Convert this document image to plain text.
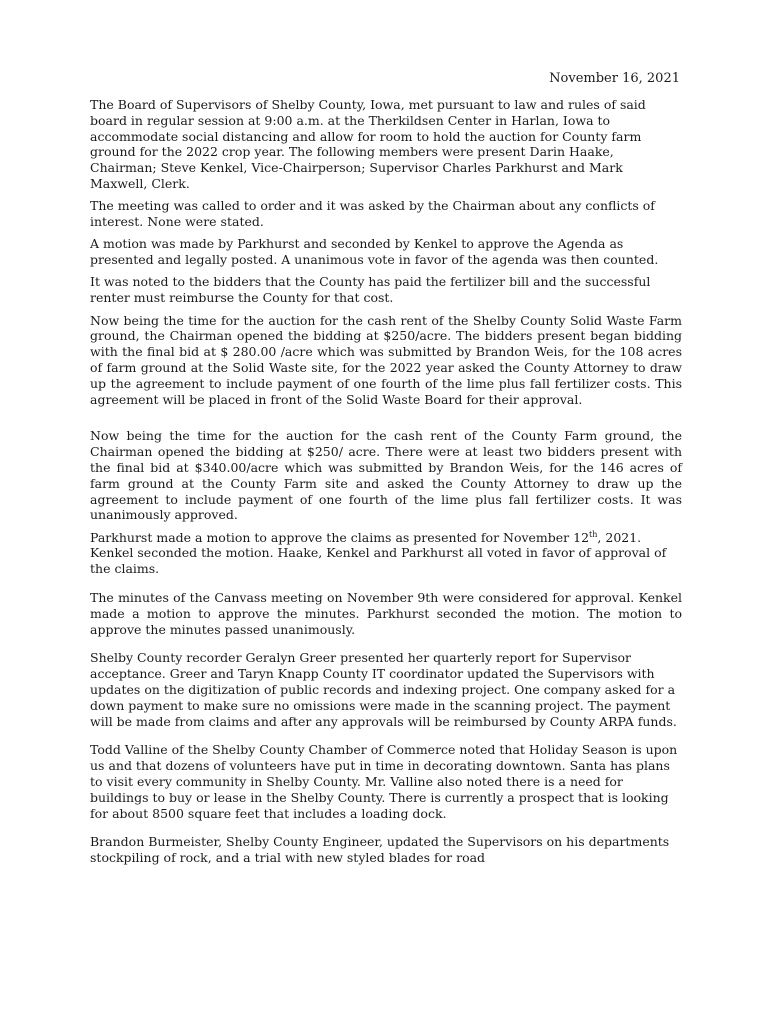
November 16, 2021

The Board of Supervisors of Shelby County, Iowa, met pursuant to law and rules of said board in regular session at 9:00 a.m. at the Therkildsen Center in Harlan, Iowa to accommodate social distancing and allow for room to hold the auction for County farm ground for the 2022 crop year. The following members were present Darin Haake, Chairman; Steve Kenkel, Vice-Chairperson; Supervisor Charles Parkhurst and Mark Maxwell, Clerk.

The meeting was called to order and it was asked by the Chairman about any conflicts of interest. None were stated.

A motion was made by Parkhurst and seconded by Kenkel to approve the Agenda as presented and legally posted. A unanimous vote in favor of the agenda was then counted.

It was noted to the bidders that the County has paid the fertilizer bill and the successful renter must reimburse the County for that cost.

Now being the time for the auction for the cash rent of the Shelby County Solid Waste Farm ground, the Chairman opened the bidding at $250/acre. The bidders present began bidding with the final bid at $ 280.00 /acre which was submitted by Brandon Weis, for the 108 acres of farm ground at the Solid Waste site, for the 2022 year asked the County Attorney to draw up the agreement to include payment of one fourth of the lime plus fall fertilizer costs. This agreement will be placed in front of the Solid Waste Board for their approval.

Now being the time for the auction for the cash rent of the County Farm ground, the Chairman opened the bidding at $250/ acre. There were at least two bidders present with the final bid at $340.00/acre which was submitted by Brandon Weis, for the 146 acres of farm ground at the County Farm site and asked the County Attorney to draw up the agreement to include payment of one fourth of the lime plus fall fertilizer costs. It was unanimously approved.

Parkhurst made a motion to approve the claims as presented for November 12th, 2021. Kenkel seconded the motion. Haake, Kenkel and Parkhurst all voted in favor of approval of the claims.

The minutes of the Canvass meeting on November 9th were considered for approval. Kenkel made a motion to approve the minutes. Parkhurst seconded the motion. The motion to approve the minutes passed unanimously.

Shelby County recorder Geralyn Greer presented her quarterly report for Supervisor acceptance. Greer and Taryn Knapp County IT coordinator updated the Supervisors with updates on the digitization of public records and indexing project. One company asked for a down payment to make sure no omissions were made in the scanning project. The payment will be made from claims and after any approvals will be reimbursed by County ARPA funds.

Todd Valline of the Shelby County Chamber of Commerce noted that Holiday Season is upon us and that dozens of volunteers have put in time in decorating downtown. Santa has plans to visit every community in Shelby County. Mr. Valline also noted there is a need for buildings to buy or lease in the Shelby County. There is currently a prospect that is looking for about 8500 square feet that includes a loading dock.

Brandon Burmeister, Shelby County Engineer, updated the Supervisors on his departments stockpiling of rock, and a trial with new styled blades for road
